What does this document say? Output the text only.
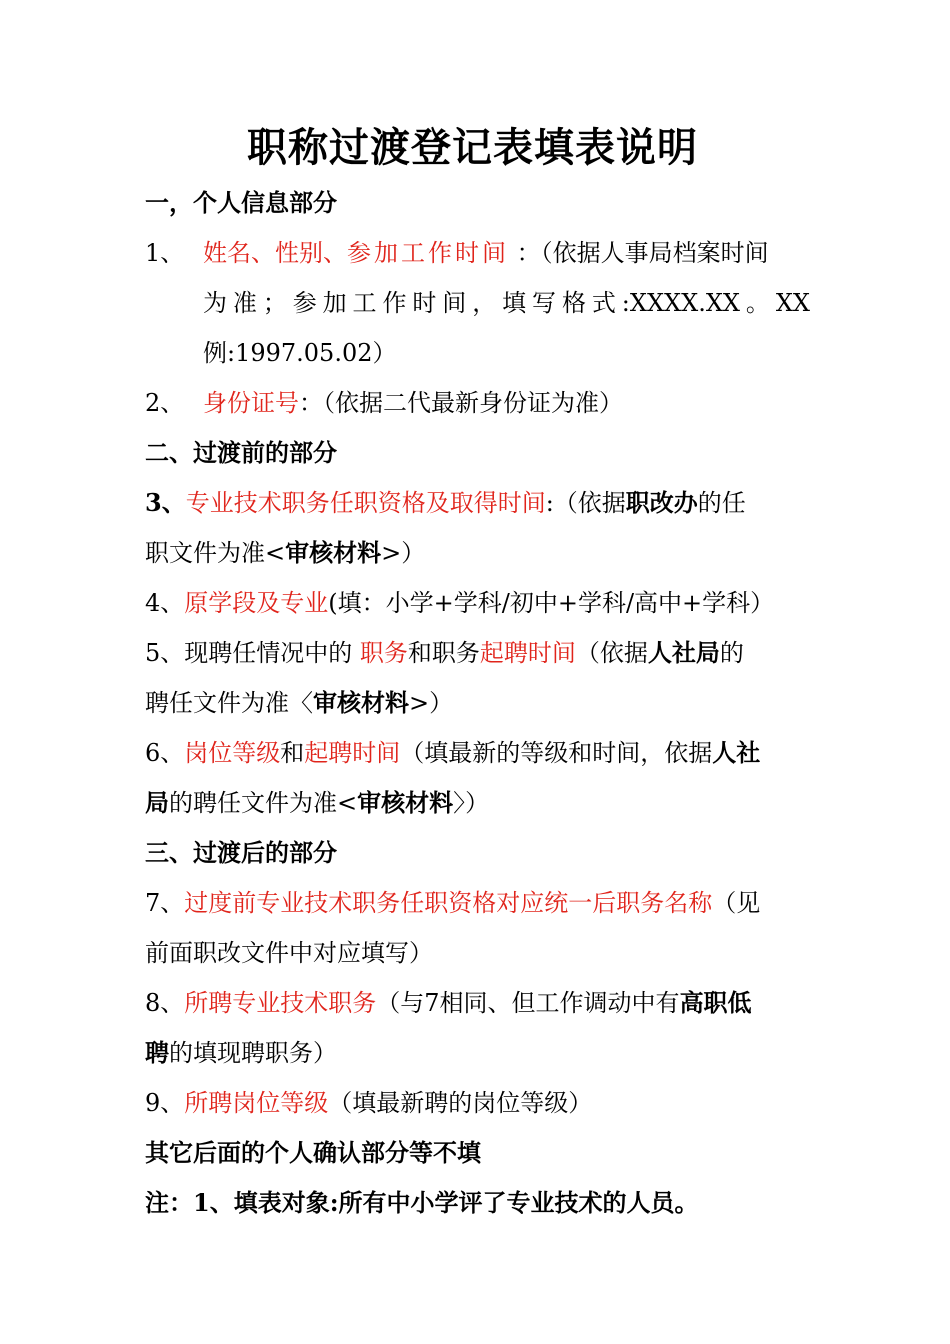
职称过渡登记表填表说明
一，个人信息部分
1、 姓名、性别、参加工作时间 ：（依据人事局档案时间
为准；参加工作时间，填写格式:XXXX.XX。XX
例:1997.05.02）
2、 身份证号：（依据二代最新身份证为准）
二、过渡前的部分
3、专业技术职务任职资格及取得时间:（依据职改办的任
职文件为准<审核材料>）
4、原学段及专业(填：小学+学科/初中+学科/高中+学科）
5、现聘任情况中的 职务和职务起聘时间（依据人社局的
聘任文件为准〈审核材料>）
6、岗位等级和起聘时间（填最新的等级和时间，依据人社
局的聘任文件为准<审核材料〉）
三、过渡后的部分
7、过度前专业技术职务任职资格对应统一后职务名称（见
前面职改文件中对应填写）
8、所聘专业技术职务（与7相同、但工作调动中有高职低
聘的填现聘职务）
9、所聘岗位等级（填最新聘的岗位等级）
其它后面的个人确认部分等不填
注：1、填表对象:所有中小学评了专业技术的人员。
